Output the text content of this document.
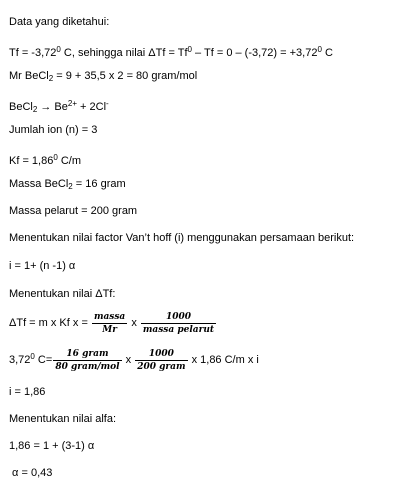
Data yang diketahui:
$Tf = -3,72^0$ C, sehingga nilai $\Delta Tf = Tf^0 - Tf = 0 - (-3,72) = +3,72^0$ C
Mr BeCl$_2$ = 9 + 35,5 x 2 = 80 gram/mol
BeCl$_2$ → $Be^{2+} + 2Cl^-$
Jumlah ion (n) = 3
$Kf = 1,86^0$ C/m
Massa BeCl$_2$ = 16 gram
Massa pelarut = 200 gram
Menentukan nilai factor Van’t hoff (i) menggunakan persamaan berikut:
i = 1+ (n -1) α
Menentukan nilai ΔTf:
ΔTf = m x Kf $x = \frac{\text{massa}}{Mr}$ x $\frac{1000}{\text{massa pelarut}}$
3,72$^0$ $C= \frac{\text{16 gram}}{\text{80 gram/mol}}$ x $\frac{1000}{\text{200 gram}}$ x 1,86 C/m x i
i = 1,86
Menentukan nilai alfa:
1,86 = 1 + (3-1) α
α = 0,43
